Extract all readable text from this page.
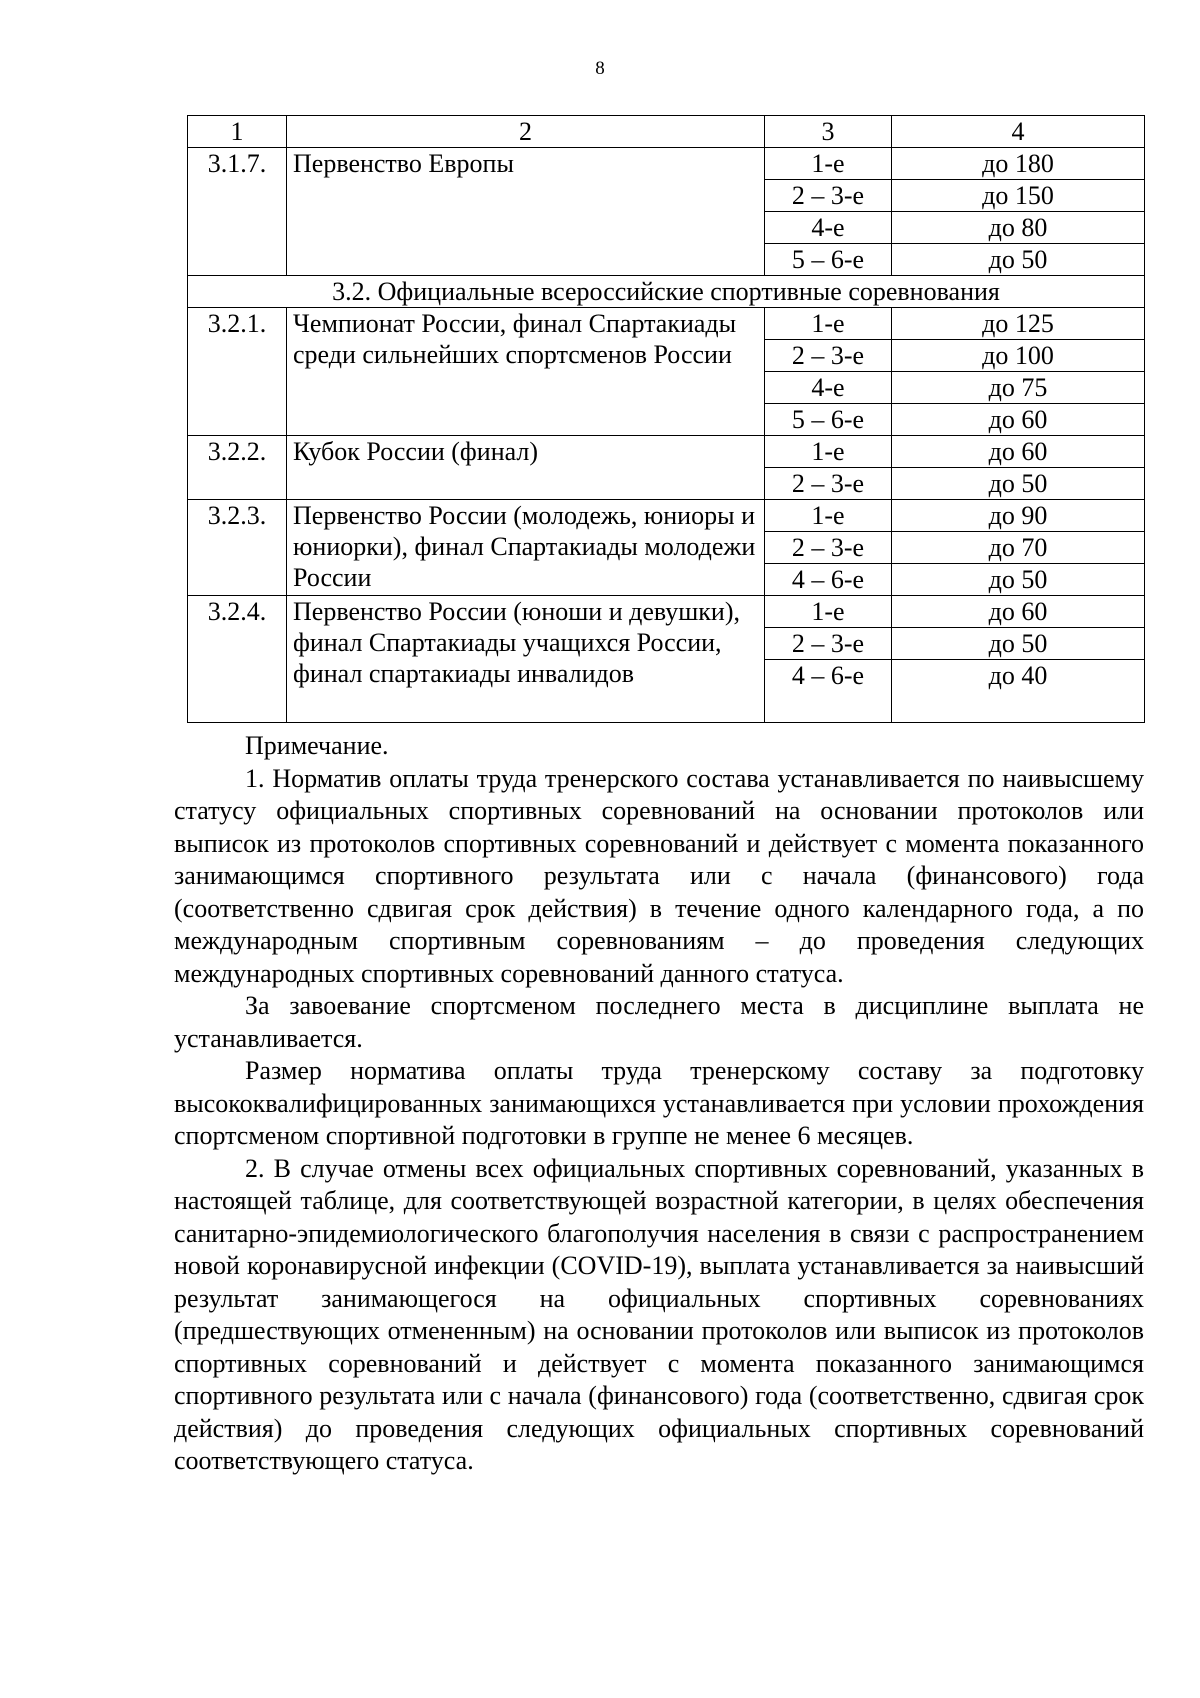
8
1	2	3	4
3.1.7.	Первенство Европы	1-е	до 180
		2 – 3-е	до 150
		4-е	до 80
		5 – 6-е	до 50
3.2. Официальные всероссийские спортивные соревнования			
3.2.1.	Чемпионат России, финал Спартакиады среди сильнейших спортсменов России	1-е	до 125
		2 – 3-е	до 100
		4-е	до 75
		5 – 6-е	до 60
3.2.2.	Кубок России (финал)	1-е	до 60
		2 – 3-е	до 50
3.2.3.	Первенство России (молодежь, юниоры и юниорки), финал Спартакиады молодежи России	1-е	до 90
		2 – 3-е	до 70
		4 – 6-е	до 50
3.2.4.	Первенство России (юноши и девушки), финал Спартакиады учащихся России, финал спартакиады инвалидов	1-е	до 60
		2 – 3-е	до 50
		4 – 6-е	до 40

Примечание.

1. Норматив оплаты труда тренерского состава устанавливается по наивысшему статусу официальных спортивных соревнований на основании протоколов или выписок из протоколов спортивных соревнований и действует с момента показанного занимающимся спортивного результата или с начала (финансового) года (соответственно сдвигая срок действия) в течение одного календарного года, а по международным спортивным соревнованиям – до проведения следующих международных спортивных соревнований данного статуса.

За завоевание спортсменом последнего места в дисциплине выплата не устанавливается.

Размер норматива оплаты труда тренерскому составу за подготовку высококвалифицированных занимающихся устанавливается при условии прохождения спортсменом спортивной подготовки в группе не менее 6 месяцев.

2. В случае отмены всех официальных спортивных соревнований, указанных в настоящей таблице, для соответствующей возрастной категории, в целях обеспечения санитарно-эпидемиологического благополучия населения в связи с распространением новой коронавирусной инфекции (COVID-19), выплата устанавливается за наивысший результат занимающегося на официальных спортивных соревнованиях (предшествующих отмененным) на основании протоколов или выписок из протоколов спортивных соревнований и действует с момента показанного занимающимся спортивного результата или с начала (финансового) года (соответственно, сдвигая срок действия) до проведения следующих официальных спортивных соревнований соответствующего статуса.
